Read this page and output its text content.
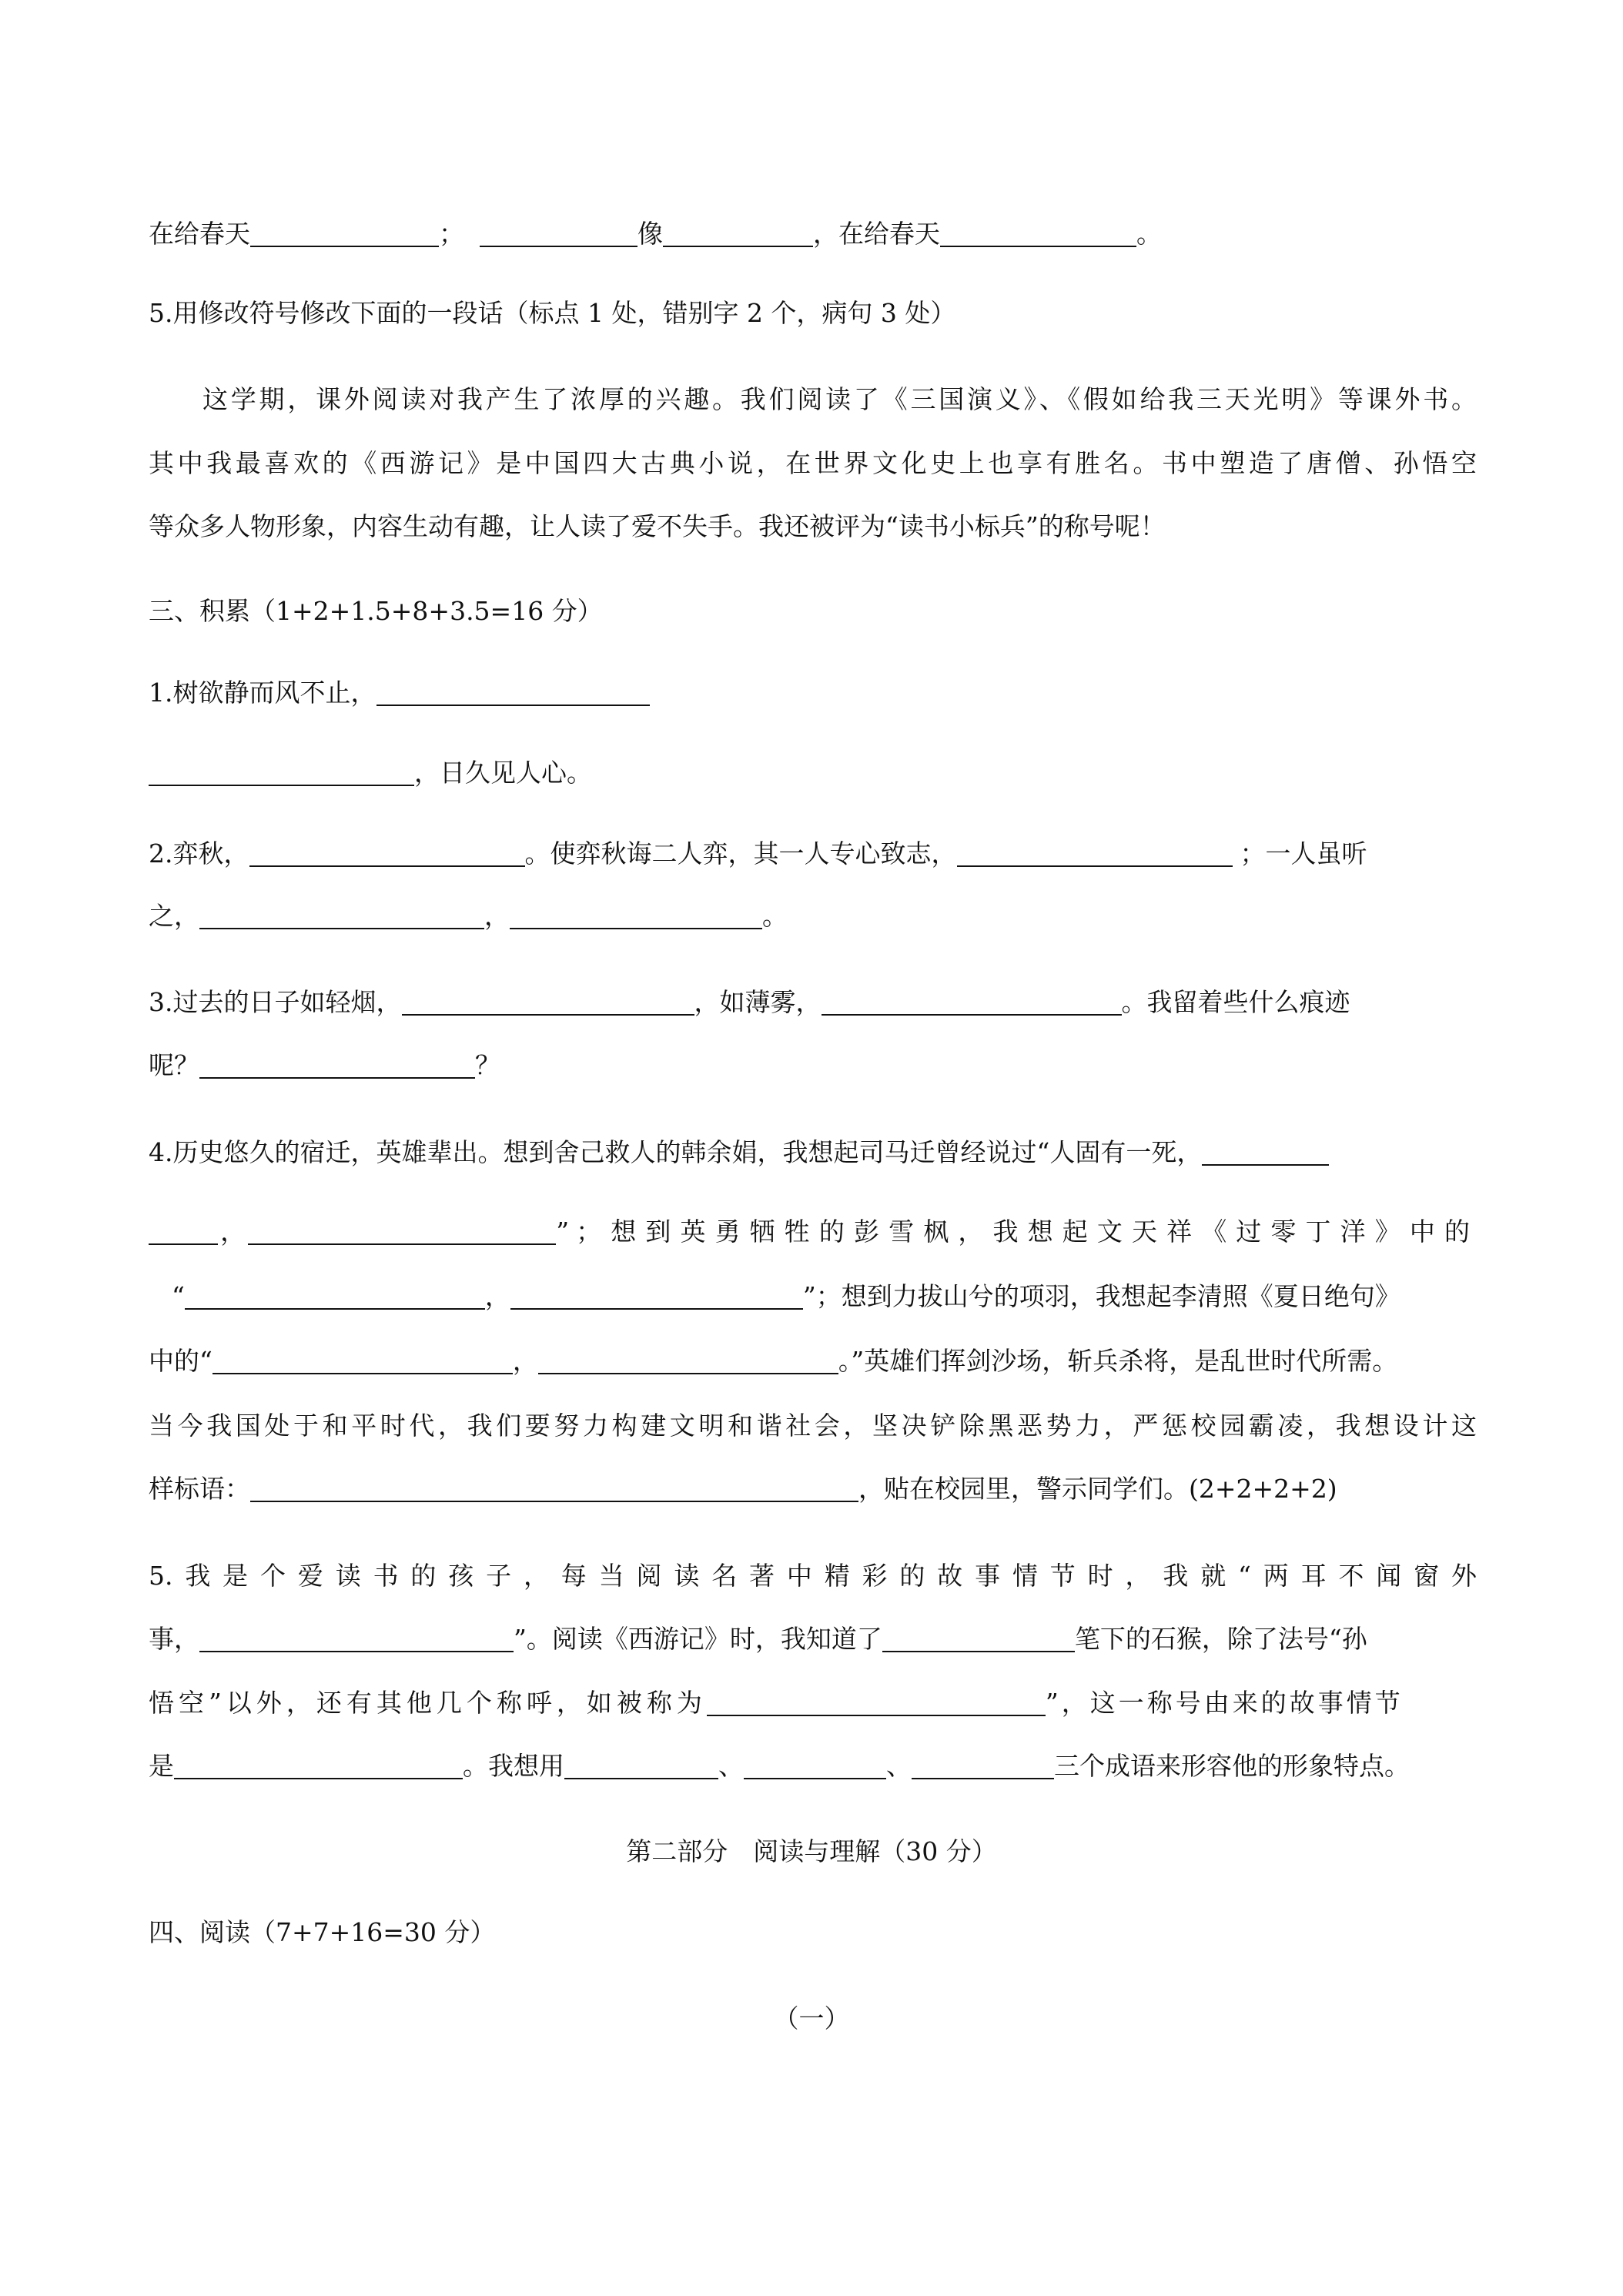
在给春天	；	像	，在给春天	。
5.用修改符号修改下面的一段话（标点 1 处，错别字 2 个，病句 3 处）
这学期，课外阅读对我产生了浓厚的兴趣。我们阅读了《三国演义》、《假如给我三天光明》等课外书。
其中我最喜欢的《西游记》是中国四大古典小说，在世界文化史上也享有胜名。书中塑造了唐僧、孙悟空
等众多人物形象，内容生动有趣，让人读了爱不失手。我还被评为“读书小标兵”的称号呢！
三、积累（1+2+1.5+8+3.5=16 分）
1.树欲静而风不止，
，日久见人心。
2.弈秋，	。使弈秋诲二人弈，其一人专心致志，	；一人虽听
之，	，	。
3.过去的日子如轻烟，	，如薄雾，	。我留着些什么痕迹
呢？	？
4.历史悠久的宿迁，英雄辈出。想到舍己救人的韩余娟，我想起司马迁曾经说过“人固有一死，
，	”；想到英勇牺牲的彭雪枫，我想起文天祥《过零丁洋》中的
“	，	”；想到力拔山兮的项羽，我想起李清照《夏日绝句》
中的“	，	。”英雄们挥剑沙场，斩兵杀将，是乱世时代所需。
当今我国处于和平时代，我们要努力构建文明和谐社会，坚决铲除黑恶势力，严惩校园霸凌，我想设计这
样标语：	，贴在校园里，警示同学们。(2+2+2+2)
5.我是个爱读书的孩子，每当阅读名著中精彩的故事情节时，我就“两耳不闻窗外
事，	”。阅读《西游记》时，我知道了	笔下的石猴，除了法号“孙
悟空”以外，还有其他几个称呼，如被称为	”，这一称号由来的故事情节
是	。我想用	、	、	三个成语来形容他的形象特点。
第二部分　阅读与理解（30 分）
四、阅读（7+7+16=30 分）
（一）
